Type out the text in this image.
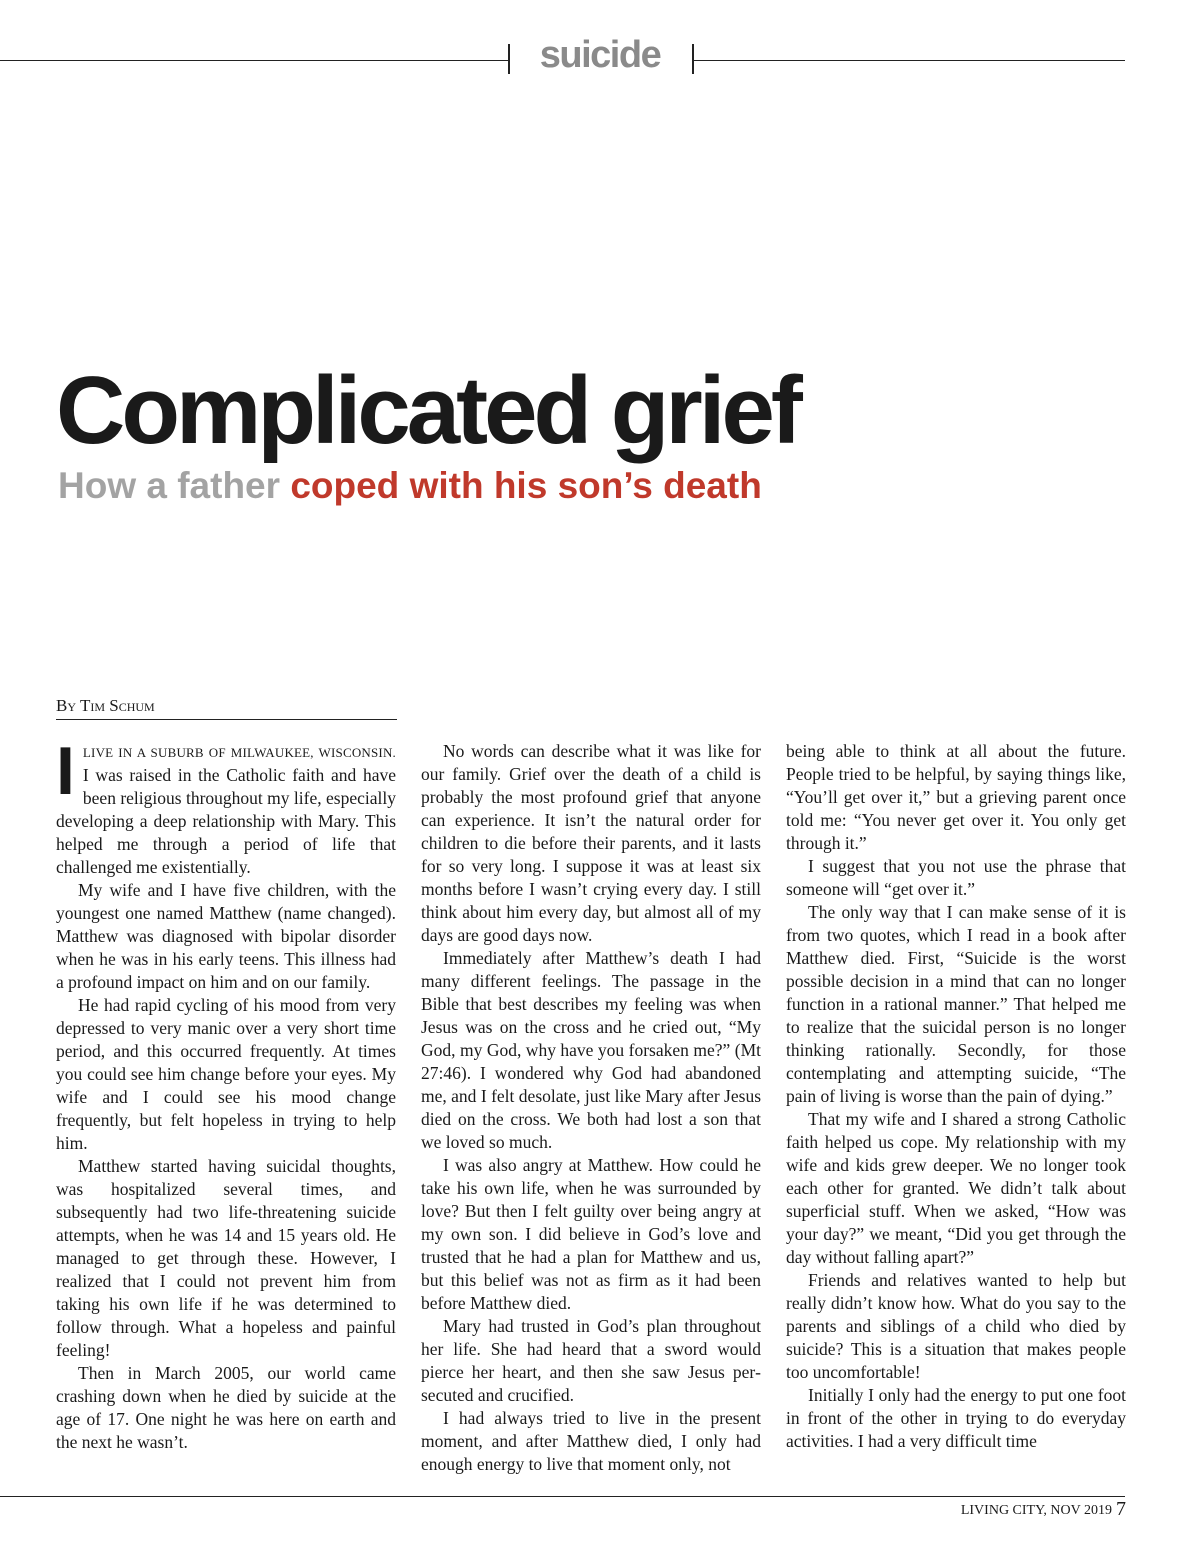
suicide
Complicated grief
How a father coped with his son’s death
By Tim Schum

ILIVE IN A SUBURB OF MILWAUKEE, WISCONSIN. I was raised in the Catholic faith and have been religious throughout my life, especially developing a deep relationship with Mary. This helped me through a period of life that challenged me existentially.

My wife and I have five children, with the youngest one named Matthew (name changed). Matthew was diagnosed with bipolar disorder when he was in his early teens. This illness had a profound impact on him and on our family.

He had rapid cycling of his mood from very depressed to very manic over a very short time period, and this occurred frequently. At times you could see him change before your eyes. My wife and I could see his mood change frequently, but felt hopeless in trying to help him.

Matthew started having suicidal thoughts, was hospitalized several times, and subsequently had two life-threatening suicide attempts, when he was 14 and 15 years old. He managed to get through these. However, I realized that I could not prevent him from taking his own life if he was determined to follow through. What a hopeless and painful feeling!

Then in March 2005, our world came crashing down when he died by suicide at the age of 17. One night he was here on earth and the next he wasn’t.

No words can describe what it was like for our family. Grief over the death of a child is probably the most profound grief that anyone can experience. It isn’t the natural order for children to die before their parents, and it lasts for so very long. I suppose it was at least six months before I wasn’t crying every day. I still think about him every day, but almost all of my days are good days now.

Immediately after Matthew’s death I had many different feelings. The passage in the Bible that best describes my feeling was when Jesus was on the cross and he cried out, “My God, my God, why have you forsaken me?” (Mt 27:46). I wondered why God had abandoned me, and I felt desolate, just like Mary after Jesus died on the cross. We both had lost a son that we loved so much.

I was also angry at Matthew. How could he take his own life, when he was surrounded by love? But then I felt guilty over being angry at my own son. I did believe in God’s love and trusted that he had a plan for Matthew and us, but this belief was not as firm as it had been before Matthew died.

Mary had trusted in God’s plan throughout her life. She had heard that a sword would pierce her heart, and then she saw Jesus persecuted and crucified.

I had always tried to live in the present moment, and after Matthew died, I only had enough energy to live that moment only, not

being able to think at all about the future. People tried to be helpful, by saying things like, “You’ll get over it,” but a grieving parent once told me: “You never get over it. You only get through it.”

I suggest that you not use the phrase that someone will “get over it.”

The only way that I can make sense of it is from two quotes, which I read in a book after Matthew died. First, “Suicide is the worst possible decision in a mind that can no longer function in a rational manner.” That helped me to realize that the suicidal person is no longer thinking rationally. Secondly, for those contemplating and attempting suicide, “The pain of living is worse than the pain of dying.”

That my wife and I shared a strong Catholic faith helped us cope. My relationship with my wife and kids grew deeper. We no longer took each other for granted. We didn’t talk about superficial stuff. When we asked, “How was your day?” we meant, “Did you get through the day without falling apart?”

Friends and relatives wanted to help but really didn’t know how. What do you say to the parents and siblings of a child who died by suicide? This is a situation that makes people too uncomfortable!

Initially I only had the energy to put one foot in front of the other in trying to do everyday activities. I had a very difficult time

LIVING CITY, NOV 2019 7
